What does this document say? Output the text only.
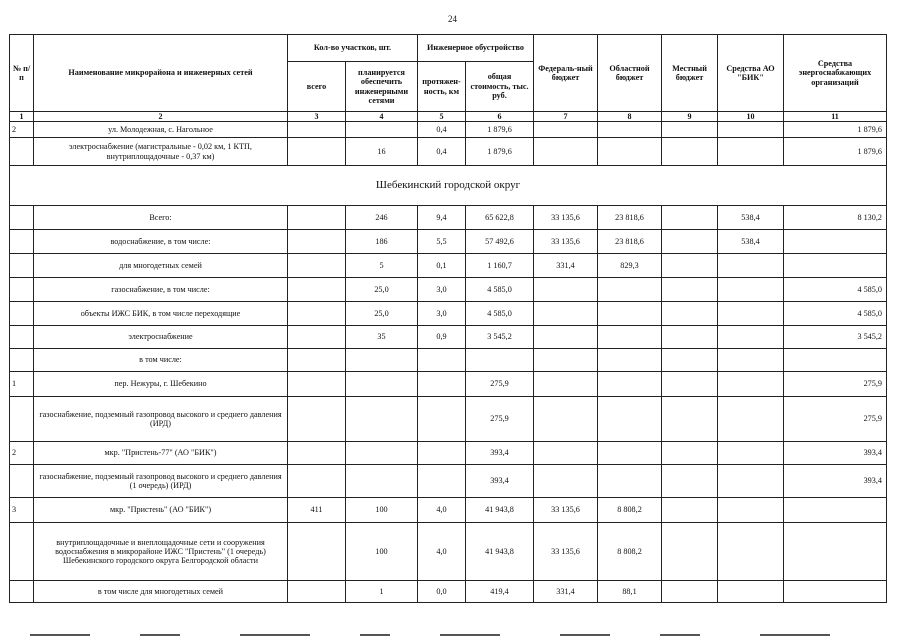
24
№ п/п	Наименование микрорайона и инженерных сетей	Кол-во участков, шт.		Инженерное обустройство		Федераль-ный бюджет	Областной бюджет	Местный бюджет	Средства АО "БИК"	Средства энергоснабжающих организаций
		всего	планируется обеспечить инженерными сетями	протяжен-ность, км	общая стоимость, тыс. руб.					
1	2	3	4	5	6	7	8	9	10	11
2	ул. Молодежная, с. Нагольное			0,4	1 879,6					1 879,6
	электроснабжение (магистральные - 0,02 км, 1 КТП, внутриплощадочные - 0,37 км)		16	0,4	1 879,6					1 879,6
Шебекинский городской округ										
	Всего:		246	9,4	65 622,8	33 135,6	23 818,6		538,4	8 130,2
	водоснабжение, в том числе:		186	5,5	57 492,6	33 135,6	23 818,6		538,4	
	для многодетных семей		5	0,1	1 160,7	331,4	829,3			
	газоснабжение, в том числе:		25,0	3,0	4 585,0					4 585,0
	объекты ИЖС БИК, в том числе переходящие		25,0	3,0	4 585,0					4 585,0
	электроснабжение		35	0,9	3 545,2					3 545,2
	в том числе:									
1	пер. Нежуры, г. Шебекино				275,9					275,9
	газоснабжение, подземный газопровод высокого и среднего давления (ИРД)				275,9					275,9
2	мкр. "Пристень-77" (АО "БИК")				393,4					393,4
	газоснабжение, подземный газопровод высокого и среднего давления (1 очередь) (ИРД)				393,4					393,4
3	мкр. "Пристень" (АО "БИК")	411	100	4,0	41 943,8	33 135,6	8 808,2			
	внутриплощадочные и внеплощадочные сети и сооружения водоснабжения в микрорайоне ИЖС "Пристень" (1 очередь) Шебекинского городского округа Белгородской области		100	4,0	41 943,8	33 135,6	8 808,2			
	в том числе для многодетных семей		1	0,0	419,4	331,4	88,1			
